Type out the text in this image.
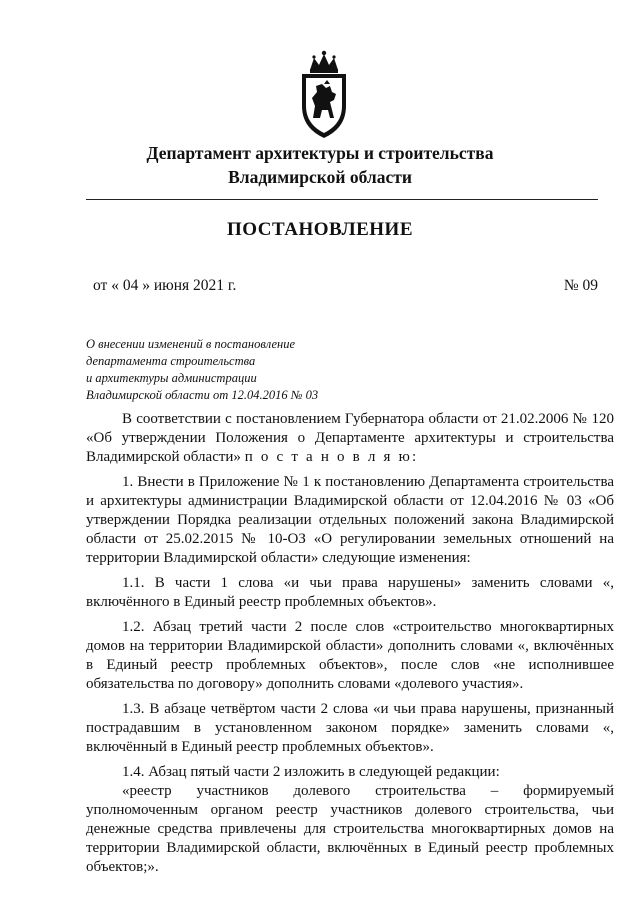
Департамент архитектуры и строительства
Владимирской области
ПОСТАНОВЛЕНИЕ
от « 04 » июня 2021 г.	№ 09
О внесении изменений в постановление
департамента строительства
и архитектуры администрации
Владимирской области от 12.04.2016 № 03

В соответствии с постановлением Губернатора области от 21.02.2006 № 120 «Об утверждении Положения о Департаменте архитектуры и строительства Владимирской области» п о с т а н о в л я ю:

1. Внести в Приложение № 1 к постановлению Департамента строительства и архитектуры администрации Владимирской области от 12.04.2016 № 03 «Об утверждении Порядка реализации отдельных положений закона Владимирской области от 25.02.2015 № 10-ОЗ «О регулировании земельных отношений на территории Владимирской области» следующие изменения:

1.1. В части 1 слова «и чьи права нарушены» заменить словами «, включённого в Единый реестр проблемных объектов».

1.2. Абзац третий части 2 после слов «строительство многоквартирных домов на территории Владимирской области» дополнить словами «, включённых в Единый реестр проблемных объектов», после слов «не исполнившее обязательства по договору» дополнить словами «долевого участия».

1.3. В абзаце четвёртом части 2 слова «и чьи права нарушены, признанный пострадавшим в установленном законом порядке» заменить словами «, включённый в Единый реестр проблемных объектов».

1.4. Абзац пятый части 2 изложить в следующей редакции:

«реестр участников долевого строительства – формируемый уполномоченным органом реестр участников долевого строительства, чьи денежные средства привлечены для строительства многоквартирных домов на территории Владимирской области, включённых в Единый реестр проблемных объектов;».
